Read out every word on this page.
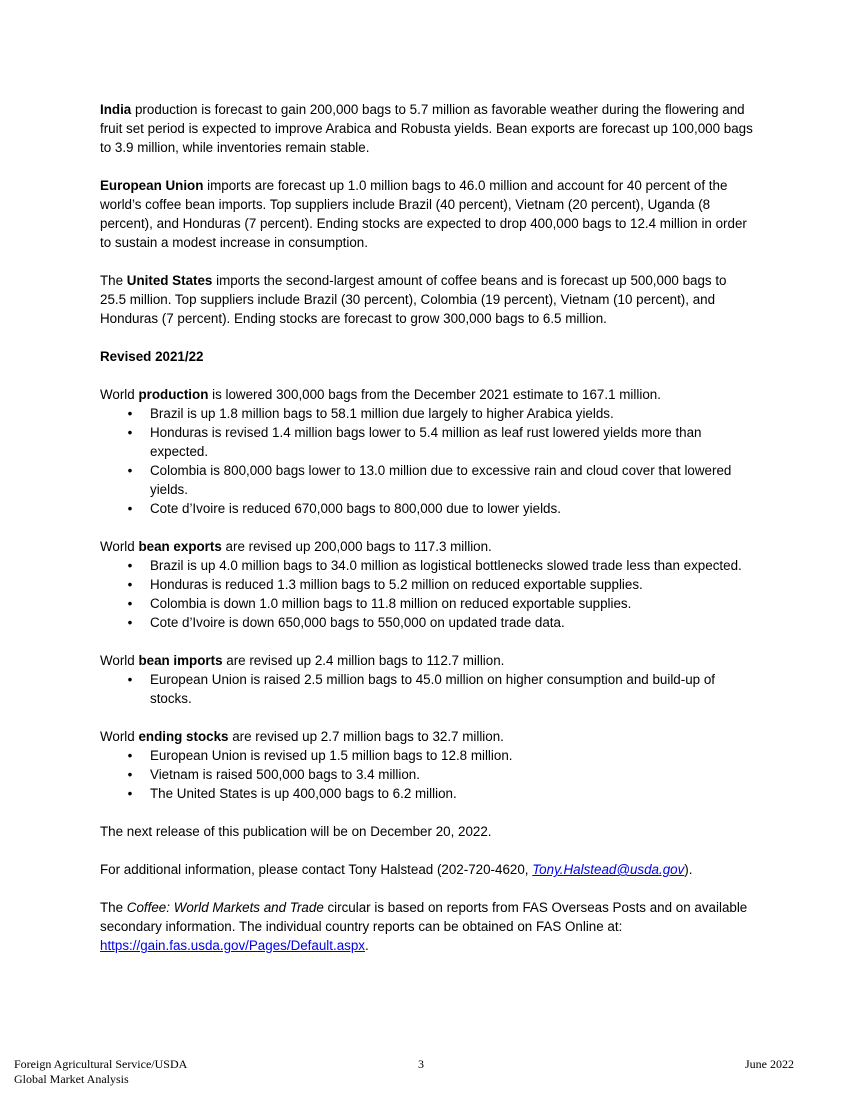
India production is forecast to gain 200,000 bags to 5.7 million as favorable weather during the flowering and fruit set period is expected to improve Arabica and Robusta yields. Bean exports are forecast up 100,000 bags to 3.9 million, while inventories remain stable.

European Union imports are forecast up 1.0 million bags to 46.0 million and account for 40 percent of the world’s coffee bean imports. Top suppliers include Brazil (40 percent), Vietnam (20 percent), Uganda (8 percent), and Honduras (7 percent). Ending stocks are expected to drop 400,000 bags to 12.4 million in order to sustain a modest increase in consumption.

The United States imports the second-largest amount of coffee beans and is forecast up 500,000 bags to 25.5 million. Top suppliers include Brazil (30 percent), Colombia (19 percent), Vietnam (10 percent), and Honduras (7 percent). Ending stocks are forecast to grow 300,000 bags to 6.5 million.

Revised 2021/22

World production is lowered 300,000 bags from the December 2021 estimate to 167.1 million.

• Brazil is up 1.8 million bags to 58.1 million due largely to higher Arabica yields.
• Honduras is revised 1.4 million bags lower to 5.4 million as leaf rust lowered yields more than expected.
• Colombia is 800,000 bags lower to 13.0 million due to excessive rain and cloud cover that lowered yields.
• Cote d’Ivoire is reduced 670,000 bags to 800,000 due to lower yields.

World bean exports are revised up 200,000 bags to 117.3 million.

• Brazil is up 4.0 million bags to 34.0 million as logistical bottlenecks slowed trade less than expected.
• Honduras is reduced 1.3 million bags to 5.2 million on reduced exportable supplies.
• Colombia is down 1.0 million bags to 11.8 million on reduced exportable supplies.
• Cote d’Ivoire is down 650,000 bags to 550,000 on updated trade data.

World bean imports are revised up 2.4 million bags to 112.7 million.

• European Union is raised 2.5 million bags to 45.0 million on higher consumption and build-up of stocks.

World ending stocks are revised up 2.7 million bags to 32.7 million.

• European Union is revised up 1.5 million bags to 12.8 million.
• Vietnam is raised 500,000 bags to 3.4 million.
• The United States is up 400,000 bags to 6.2 million.

The next release of this publication will be on December 20, 2022.

For additional information, please contact Tony Halstead (202-720-4620, Tony.Halstead@usda.gov).

The Coffee: World Markets and Trade circular is based on reports from FAS Overseas Posts and on available secondary information. The individual country reports can be obtained on FAS Online at: https://gain.fas.usda.gov/Pages/Default.aspx.

Foreign Agricultural Service/USDA
Global Market Analysis
3	June 2022
